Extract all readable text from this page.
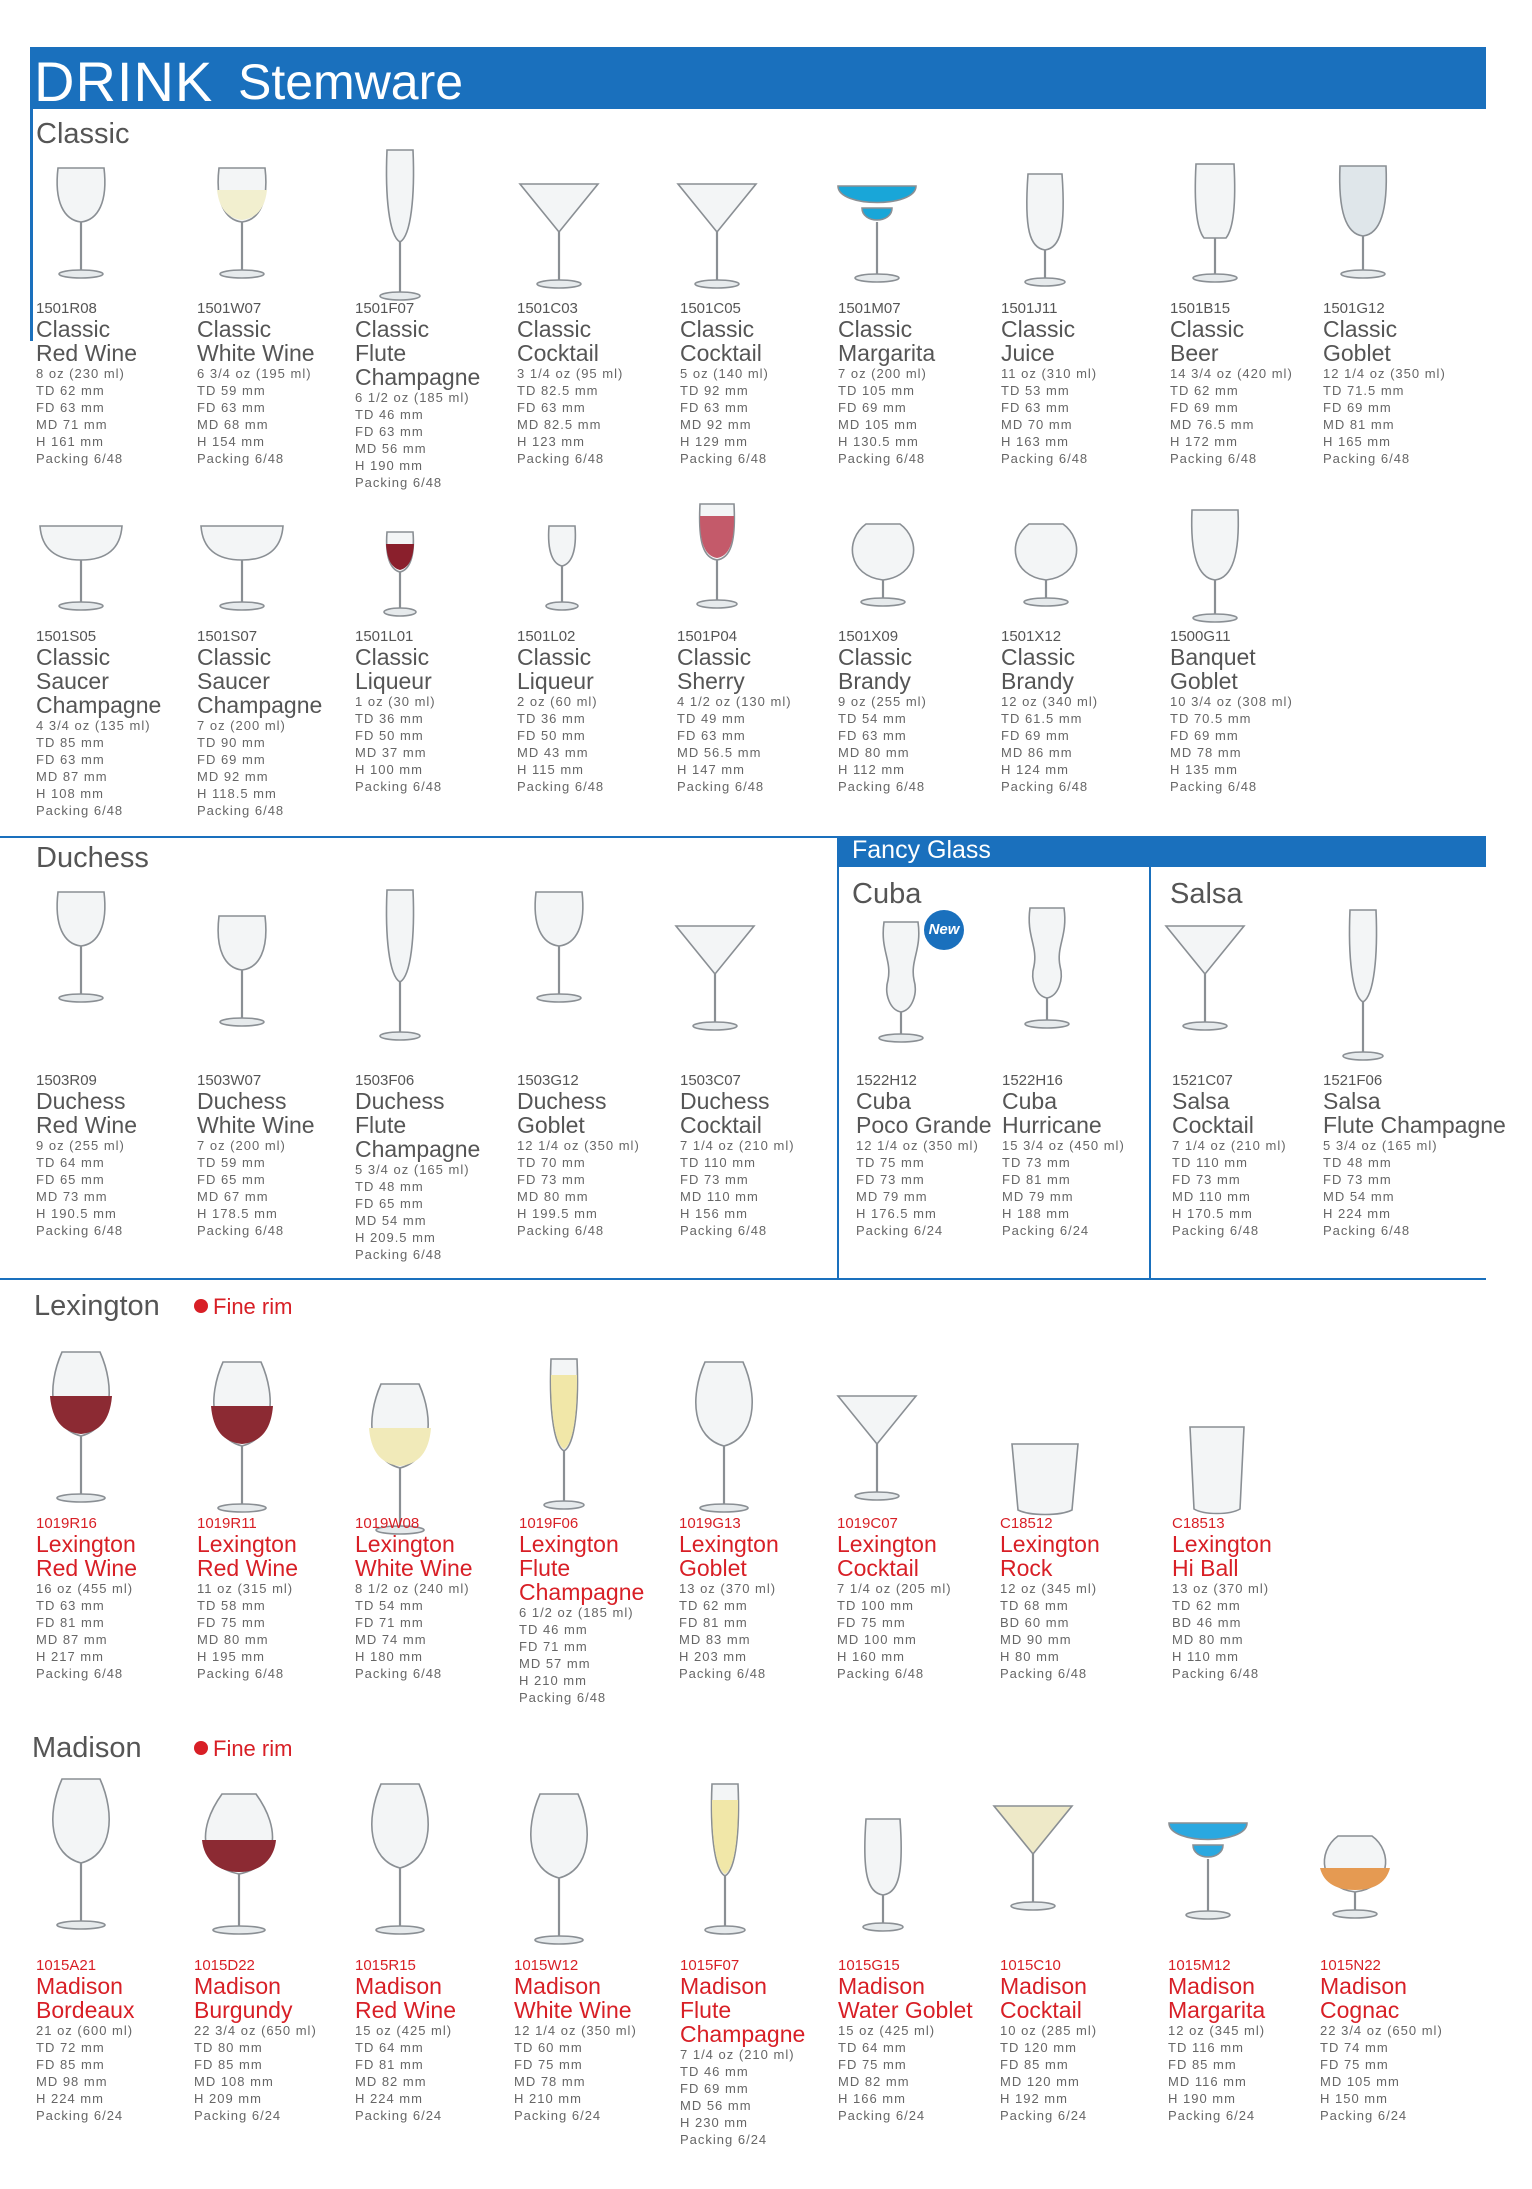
DRINK Stemware
Classic
Duchess	Fancy Glass
Cuba	Salsa
New
Lexington	Fine rim
Madison	Fine rim
1501R08
Classic
Red Wine
8 oz (230 ml)
TD 62 mm
FD 63 mm
MD 71 mm
H 161 mm
Packing 6/48
1501W07
Classic
White Wine
6 3/4 oz (195 ml)
TD 59 mm
FD 63 mm
MD 68 mm
H 154 mm
Packing 6/48
1501F07
Classic
Flute
Champagne
6 1/2 oz (185 ml)
TD 46 mm
FD 63 mm
MD 56 mm
H 190 mm
Packing 6/48
1501C03
Classic
Cocktail
3 1/4 oz (95 ml)
TD 82.5 mm
FD 63 mm
MD 82.5 mm
H 123 mm
Packing 6/48
1501C05
Classic
Cocktail
5 oz (140 ml)
TD 92 mm
FD 63 mm
MD 92 mm
H 129 mm
Packing 6/48
1501M07
Classic
Margarita
7 oz (200 ml)
TD 105 mm
FD 69 mm
MD 105 mm
H 130.5 mm
Packing 6/48
1501J11
Classic
Juice
11 oz (310 ml)
TD 53 mm
FD 63 mm
MD 70 mm
H 163 mm
Packing 6/48
1501B15
Classic
Beer
14 3/4 oz (420 ml)
TD 62 mm
FD 69 mm
MD 76.5 mm
H 172 mm
Packing 6/48
1501G12
Classic
Goblet
12 1/4 oz (350 ml)
TD 71.5 mm
FD 69 mm
MD 81 mm
H 165 mm
Packing 6/48
1501S05
Classic
Saucer
Champagne
4 3/4 oz (135 ml)
TD 85 mm
FD 63 mm
MD 87 mm
H 108 mm
Packing 6/48
1501S07
Classic
Saucer
Champagne
7 oz (200 ml)
TD 90 mm
FD 69 mm
MD 92 mm
H 118.5 mm
Packing 6/48
1501L01
Classic
Liqueur
1 oz (30 ml)
TD 36 mm
FD 50 mm
MD 37 mm
H 100 mm
Packing 6/48
1501L02
Classic
Liqueur
2 oz (60 ml)
TD 36 mm
FD 50 mm
MD 43 mm
H 115 mm
Packing 6/48
1501P04
Classic
Sherry
4 1/2 oz (130 ml)
TD 49 mm
FD 63 mm
MD 56.5 mm
H 147 mm
Packing 6/48
1501X09
Classic
Brandy
9 oz (255 ml)
TD 54 mm
FD 63 mm
MD 80 mm
H 112 mm
Packing 6/48
1501X12
Classic
Brandy
12 oz (340 ml)
TD 61.5 mm
FD 69 mm
MD 86 mm
H 124 mm
Packing 6/48
1500G11
Banquet
Goblet
10 3/4 oz (308 ml)
TD 70.5 mm
FD 69 mm
MD 78 mm
H 135 mm
Packing 6/48
1503R09
Duchess
Red Wine
9 oz (255 ml)
TD 64 mm
FD 65 mm
MD 73 mm
H 190.5 mm
Packing 6/48
1503W07
Duchess
White Wine
7 oz (200 ml)
TD 59 mm
FD 65 mm
MD 67 mm
H 178.5 mm
Packing 6/48
1503F06
Duchess
Flute
Champagne
5 3/4 oz (165 ml)
TD 48 mm
FD 65 mm
MD 54 mm
H 209.5 mm
Packing 6/48
1503G12
Duchess
Goblet
12 1/4 oz (350 ml)
TD 70 mm
FD 73 mm
MD 80 mm
H 199.5 mm
Packing 6/48
1503C07
Duchess
Cocktail
7 1/4 oz (210 ml)
TD 110 mm
FD 73 mm
MD 110 mm
H 156 mm
Packing 6/48
1522H12
Cuba
Poco Grande
12 1/4 oz (350 ml)
TD 75 mm
FD 73 mm
MD 79 mm
H 176.5 mm
Packing 6/24
1522H16
Cuba
Hurricane
15 3/4 oz (450 ml)
TD 73 mm
FD 81 mm
MD 79 mm
H 188 mm
Packing 6/24
1521C07
Salsa
Cocktail
7 1/4 oz (210 ml)
TD 110 mm
FD 73 mm
MD 110 mm
H 170.5 mm
Packing 6/48
1521F06
Salsa
Flute Champagne
5 3/4 oz (165 ml)
TD 48 mm
FD 73 mm
MD 54 mm
H 224 mm
Packing 6/48
1019R16
Lexington
Red Wine
16 oz (455 ml)
TD 63 mm
FD 81 mm
MD 87 mm
H 217 mm
Packing 6/48
1019R11
Lexington
Red Wine
11 oz (315 ml)
TD 58 mm
FD 75 mm
MD 80 mm
H 195 mm
Packing 6/48
1019W08
Lexington
White Wine
8 1/2 oz (240 ml)
TD 54 mm
FD 71 mm
MD 74 mm
H 180 mm
Packing 6/48
1019F06
Lexington
Flute
Champagne
6 1/2 oz (185 ml)
TD 46 mm
FD 71 mm
MD 57 mm
H 210 mm
Packing 6/48
1019G13
Lexington
Goblet
13 oz (370 ml)
TD 62 mm
FD 81 mm
MD 83 mm
H 203 mm
Packing 6/48
1019C07
Lexington
Cocktail
7 1/4 oz (205 ml)
TD 100 mm
FD 75 mm
MD 100 mm
H 160 mm
Packing 6/48
C18512
Lexington
Rock
12 oz (345 ml)
TD 68 mm
BD 60 mm
MD 90 mm
H 80 mm
Packing 6/48
C18513
Lexington
Hi Ball
13 oz (370 ml)
TD 62 mm
BD 46 mm
MD 80 mm
H 110 mm
Packing 6/48
1015A21
Madison
Bordeaux
21 oz (600 ml)
TD 72 mm
FD 85 mm
MD 98 mm
H 224 mm
Packing 6/24
1015D22
Madison
Burgundy
22 3/4 oz (650 ml)
TD 80 mm
FD 85 mm
MD 108 mm
H 209 mm
Packing 6/24
1015R15
Madison
Red Wine
15 oz (425 ml)
TD 64 mm
FD 81 mm
MD 82 mm
H 224 mm
Packing 6/24
1015W12
Madison
White Wine
12 1/4 oz (350 ml)
TD 60 mm
FD 75 mm
MD 78 mm
H 210 mm
Packing 6/24
1015F07
Madison
Flute
Champagne
7 1/4 oz (210 ml)
TD 46 mm
FD 69 mm
MD 56 mm
H 230 mm
Packing 6/24
1015G15
Madison
Water Goblet
15 oz (425 ml)
TD 64 mm
FD 75 mm
MD 82 mm
H 166 mm
Packing 6/24
1015C10
Madison
Cocktail
10 oz (285 ml)
TD 120 mm
FD 85 mm
MD 120 mm
H 192 mm
Packing 6/24
1015M12
Madison
Margarita
12 oz (345 ml)
TD 116 mm
FD 85 mm
MD 116 mm
H 190 mm
Packing 6/24
1015N22
Madison
Cognac
22 3/4 oz (650 ml)
TD 74 mm
FD 75 mm
MD 105 mm
H 150 mm
Packing 6/24
